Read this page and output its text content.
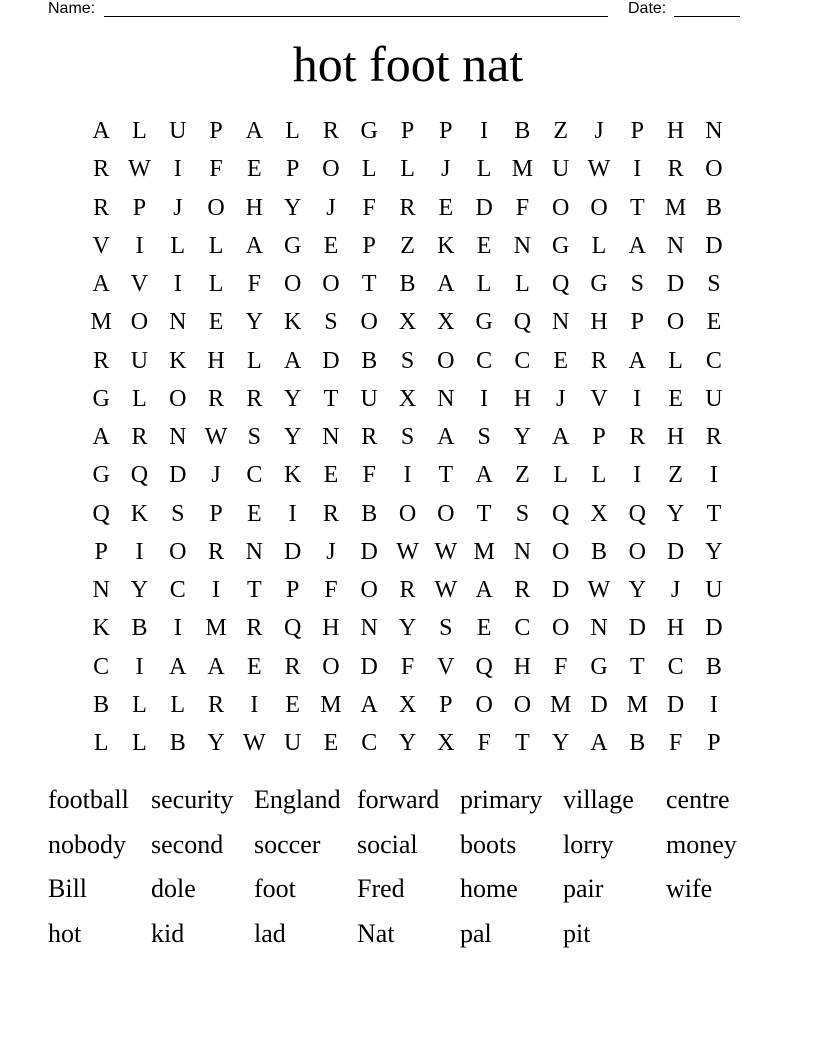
Name:	Date:
hot foot nat
A L U P A L R G P	P	I	B Z	J	P H N
R W I	F	E	P O L L	J	L M U W I	R O
R P	J	O H Y	J	F R E D F O O T M B
V	I	L L A G E	P	Z K E N G L A N D
A V	I	L	F O O T B A L L Q G S D S
M O N E Y K S O X X G Q N H P O E
R U K H L A D B S O C C E R A L C
G L O R R Y T U X N	I	H	J	V	I	E U
A R N W S Y N R S A S Y A P R H R
G Q D	J	C K E	F	I	T A Z L L	I	Z	I
Q K S	P	E	I	R B O O T	S Q X Q Y T
P	I	O R N D	J	D W W M N O B O D Y
N Y C	I	T	P	F O R W A R D W Y	J	U
K B	I M R Q H N Y S	E C O N D H D
C	I	A A E R O D F V Q H F G T C B
B L L R	I	E M A X P O O M D M D	I
L L B Y W U E C Y X F	T Y A B F	P
football security England forward primary village	centre
nobody second	soccer	social	boots	lorry	money
Bill	dole	foot	Fred	home	pair	wife
hot	kid	lad	Nat	pal	pit
